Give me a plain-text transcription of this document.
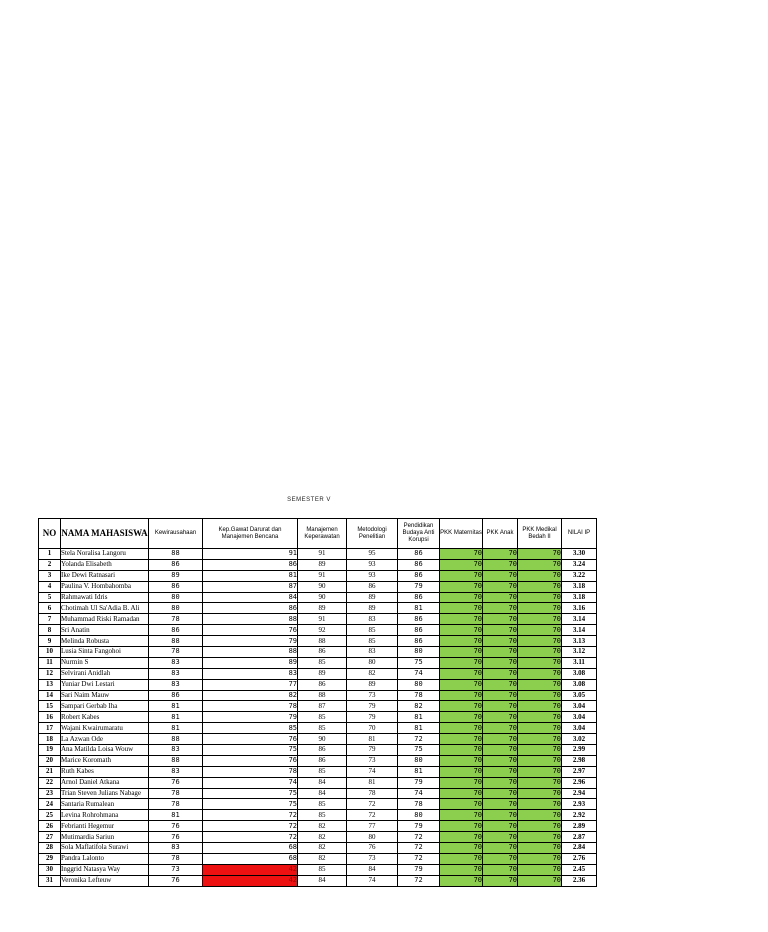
SEMESTER V
NO	NAMA MAHASISWA	Kewirausahaan	Kep.Gawat Darurat dan Manajemen Bencana	Manajemen Keperawatan	Metodologi Penelitian	Pendidikan Budaya Anti Korupsi	PKK Maternitas	PKK Anak	PKK Medikal Bedah II	NILAI IP
1	Stela Noralisa Langoru	88	91	91	95	86	70	70	70	3.30
2	Yolanda Elisabeth	86	86	89	93	86	70	70	70	3.24
3	Ike Dewi Ratnasari	89	81	91	93	86	70	70	70	3.22
4	Paulina V. Hombahomba	86	87	90	86	79	70	70	70	3.18
5	Rahmawati Idris	80	84	90	89	86	70	70	70	3.18
6	Chotimah Ul Sa'Adia B. Ali	80	86	89	89	81	70	70	70	3.16
7	Muhammad Riski Ramadan	78	88	91	83	86	70	70	70	3.14
8	Sri Anatin	86	76	92	85	86	70	70	70	3.14
9	Melinda Robusta	88	79	88	85	86	70	70	70	3.13
10	Lusia Sinta Fangohoi	78	88	86	83	80	70	70	70	3.12
11	Nurmin S	83	89	85	80	75	70	70	70	3.11
12	Selvirani Anidlah	83	83	89	82	74	70	70	70	3.08
13	Yuniar Dwi Lestari	83	77	86	89	80	70	70	70	3.08
14	Sari Naim Mauw	86	82	88	73	78	70	70	70	3.05
15	Sampari Gerbab Iha	81	78	87	79	82	70	70	70	3.04
16	Robert Kabes	81	79	85	79	81	70	70	70	3.04
17	Wajani Kwairumaratu	81	85	85	70	81	70	70	70	3.04
18	La Azwan Ode	88	76	90	81	72	70	70	70	3.02
19	Ana Matilda Loisa Wouw	83	75	86	79	75	70	70	70	2.99
20	Marice Koromath	88	76	86	73	80	70	70	70	2.98
21	Ruth Kabes	83	78	85	74	81	70	70	70	2.97
22	Arnol Daniel Atkana	76	74	84	81	79	70	70	70	2.96
23	Trian Steven Julians Nabage	78	75	84	78	74	70	70	70	2.94
24	Santaria Rumalean	78	75	85	72	78	70	70	70	2.93
25	Levina Rohrohmana	81	72	85	72	80	70	70	70	2.92
26	Febrianti Hegemur	76	72	82	77	79	70	70	70	2.89
27	Mutimardia Sariun	76	72	82	80	72	70	70	70	2.87
28	Sola Maflatifola Surawi	83	68	82	76	72	70	70	70	2.84
29	Pandra Lalonto	78	68	82	73	72	70	70	70	2.76
30	Inggrid Natasya Way	73	42	85	84	79	70	70	70	2.45
31	Veronika Lefteuw	76	42	84	74	72	70	70	70	2.36
